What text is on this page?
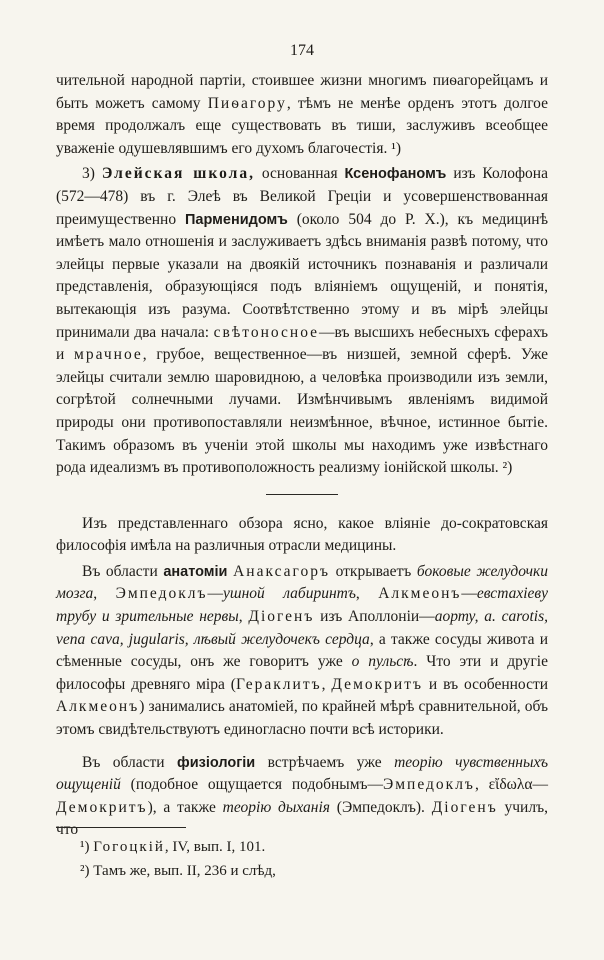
174

чительной народной партіи, стоившее жизни многимъ пиѳагорейцамъ и быть можетъ самому Пиѳагору, тѣмъ не менѣе орденъ этотъ долгое время продолжалъ еще существовать въ тиши, заслуживъ всеобщее уваженіе одушевлявшимъ его духомъ благочестія. ¹)

3) Элейская школа, основанная Ксенофаномъ изъ Колофона (572—478) въ г. Элеѣ въ Великой Греціи и усовершенствованная преимущественно Парменидомъ (около 504 до Р. Х.), къ медицинѣ имѣетъ мало отношенія и заслуживаетъ здѣсь вниманія развѣ потому, что элейцы первые указали на двоякій источникъ познаванія и различали представленія, образующіяся подъ вліяніемъ ощущеній, и понятія, вытекающія изъ разума. Соотвѣтственно этому и въ мірѣ элейцы принимали два начала: свѣтоносное—въ высшихъ небесныхъ сферахъ и мрачное, грубое, вещественное—въ низшей, земной сферѣ. Уже элейцы считали землю шаровидною, а человѣка производили изъ земли, согрѣтой солнечными лучами. Измѣнчивымъ явленіямъ видимой природы они противопоставляли неизмѣнное, вѣчное, истинное бытіе. Такимъ образомъ въ ученіи этой школы мы находимъ уже извѣстнаго рода идеализмъ въ противоположность реализму іонійской школы. ²)

Изъ представленнаго обзора ясно, какое вліяніе до-сократовская философія имѣла на различныя отрасли медицины.

Въ области анатоміи Анаксагоръ открываетъ боковые желудочки мозга, Эмпедоклъ—ушной лабиринтъ, Алкмеонъ—евстахіеву трубу и зрительные нервы, Діогенъ изъ Аполлоніи—аорту, a. carotis, vena cava, jugularis, лѣвый желудочекъ сердца, а также сосуды живота и сѣменные сосуды, онъ же говоритъ уже о пульсѣ. Что эти и другіе философы древняго міра (Гераклитъ, Демокритъ и въ особенности Алкмеонъ) занимались анатоміей, по крайней мѣрѣ сравнительной, объ этомъ свидѣтельствуютъ единогласно почти всѣ историки.

Въ области физіологіи встрѣчаемъ уже теорію чувственныхъ ощущеній (подобное ощущается подобнымъ—Эмпедоклъ, εἴδωλα—Демокритъ), а также теорію дыханія (Эмпедоклъ). Діогенъ училъ, что

¹) Гогоцкій, IV, вып. I, 101.

²) Тамъ же, вып. II, 236 и слѣд,
